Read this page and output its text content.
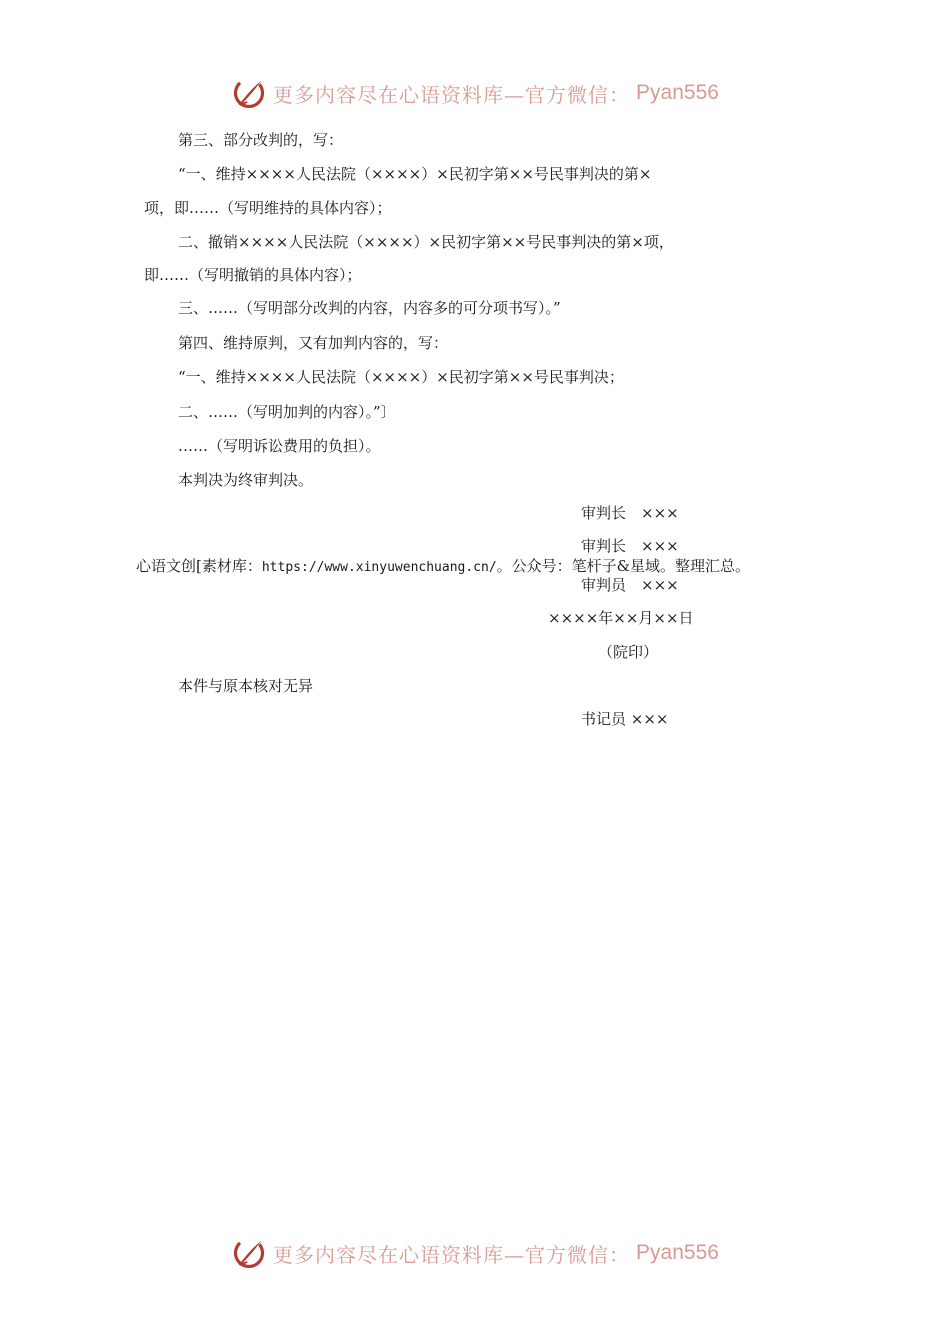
更多内容尽在心语资料库—官方微信： Pyan556
第三、部分改判的，写：
“一、维持××××人民法院（××××）×民初字第××号民事判决的第×
项，即……（写明维持的具体内容）；
二、撤销××××人民法院（××××）×民初字第××号民事判决的第×项，
即……（写明撤销的具体内容）；
三、……（写明部分改判的内容，内容多的可分项书写）。”
第四、维持原判，又有加判内容的，写：
“一、维持××××人民法院（××××）×民初字第××号民事判决；
二、……（写明加判的内容）。”〕
……（写明诉讼费用的负担）。
本判决为终审判决。
审判长　×××
审判长　×××
心语文创[素材库：https://www.xinyuwenchuang.cn/。公众号：笔杆子&星域。整理汇总。
审判员　×××
××××年××月××日
（院印）
本件与原本核对无异
书记员 ×××
更多内容尽在心语资料库—官方微信： Pyan556
